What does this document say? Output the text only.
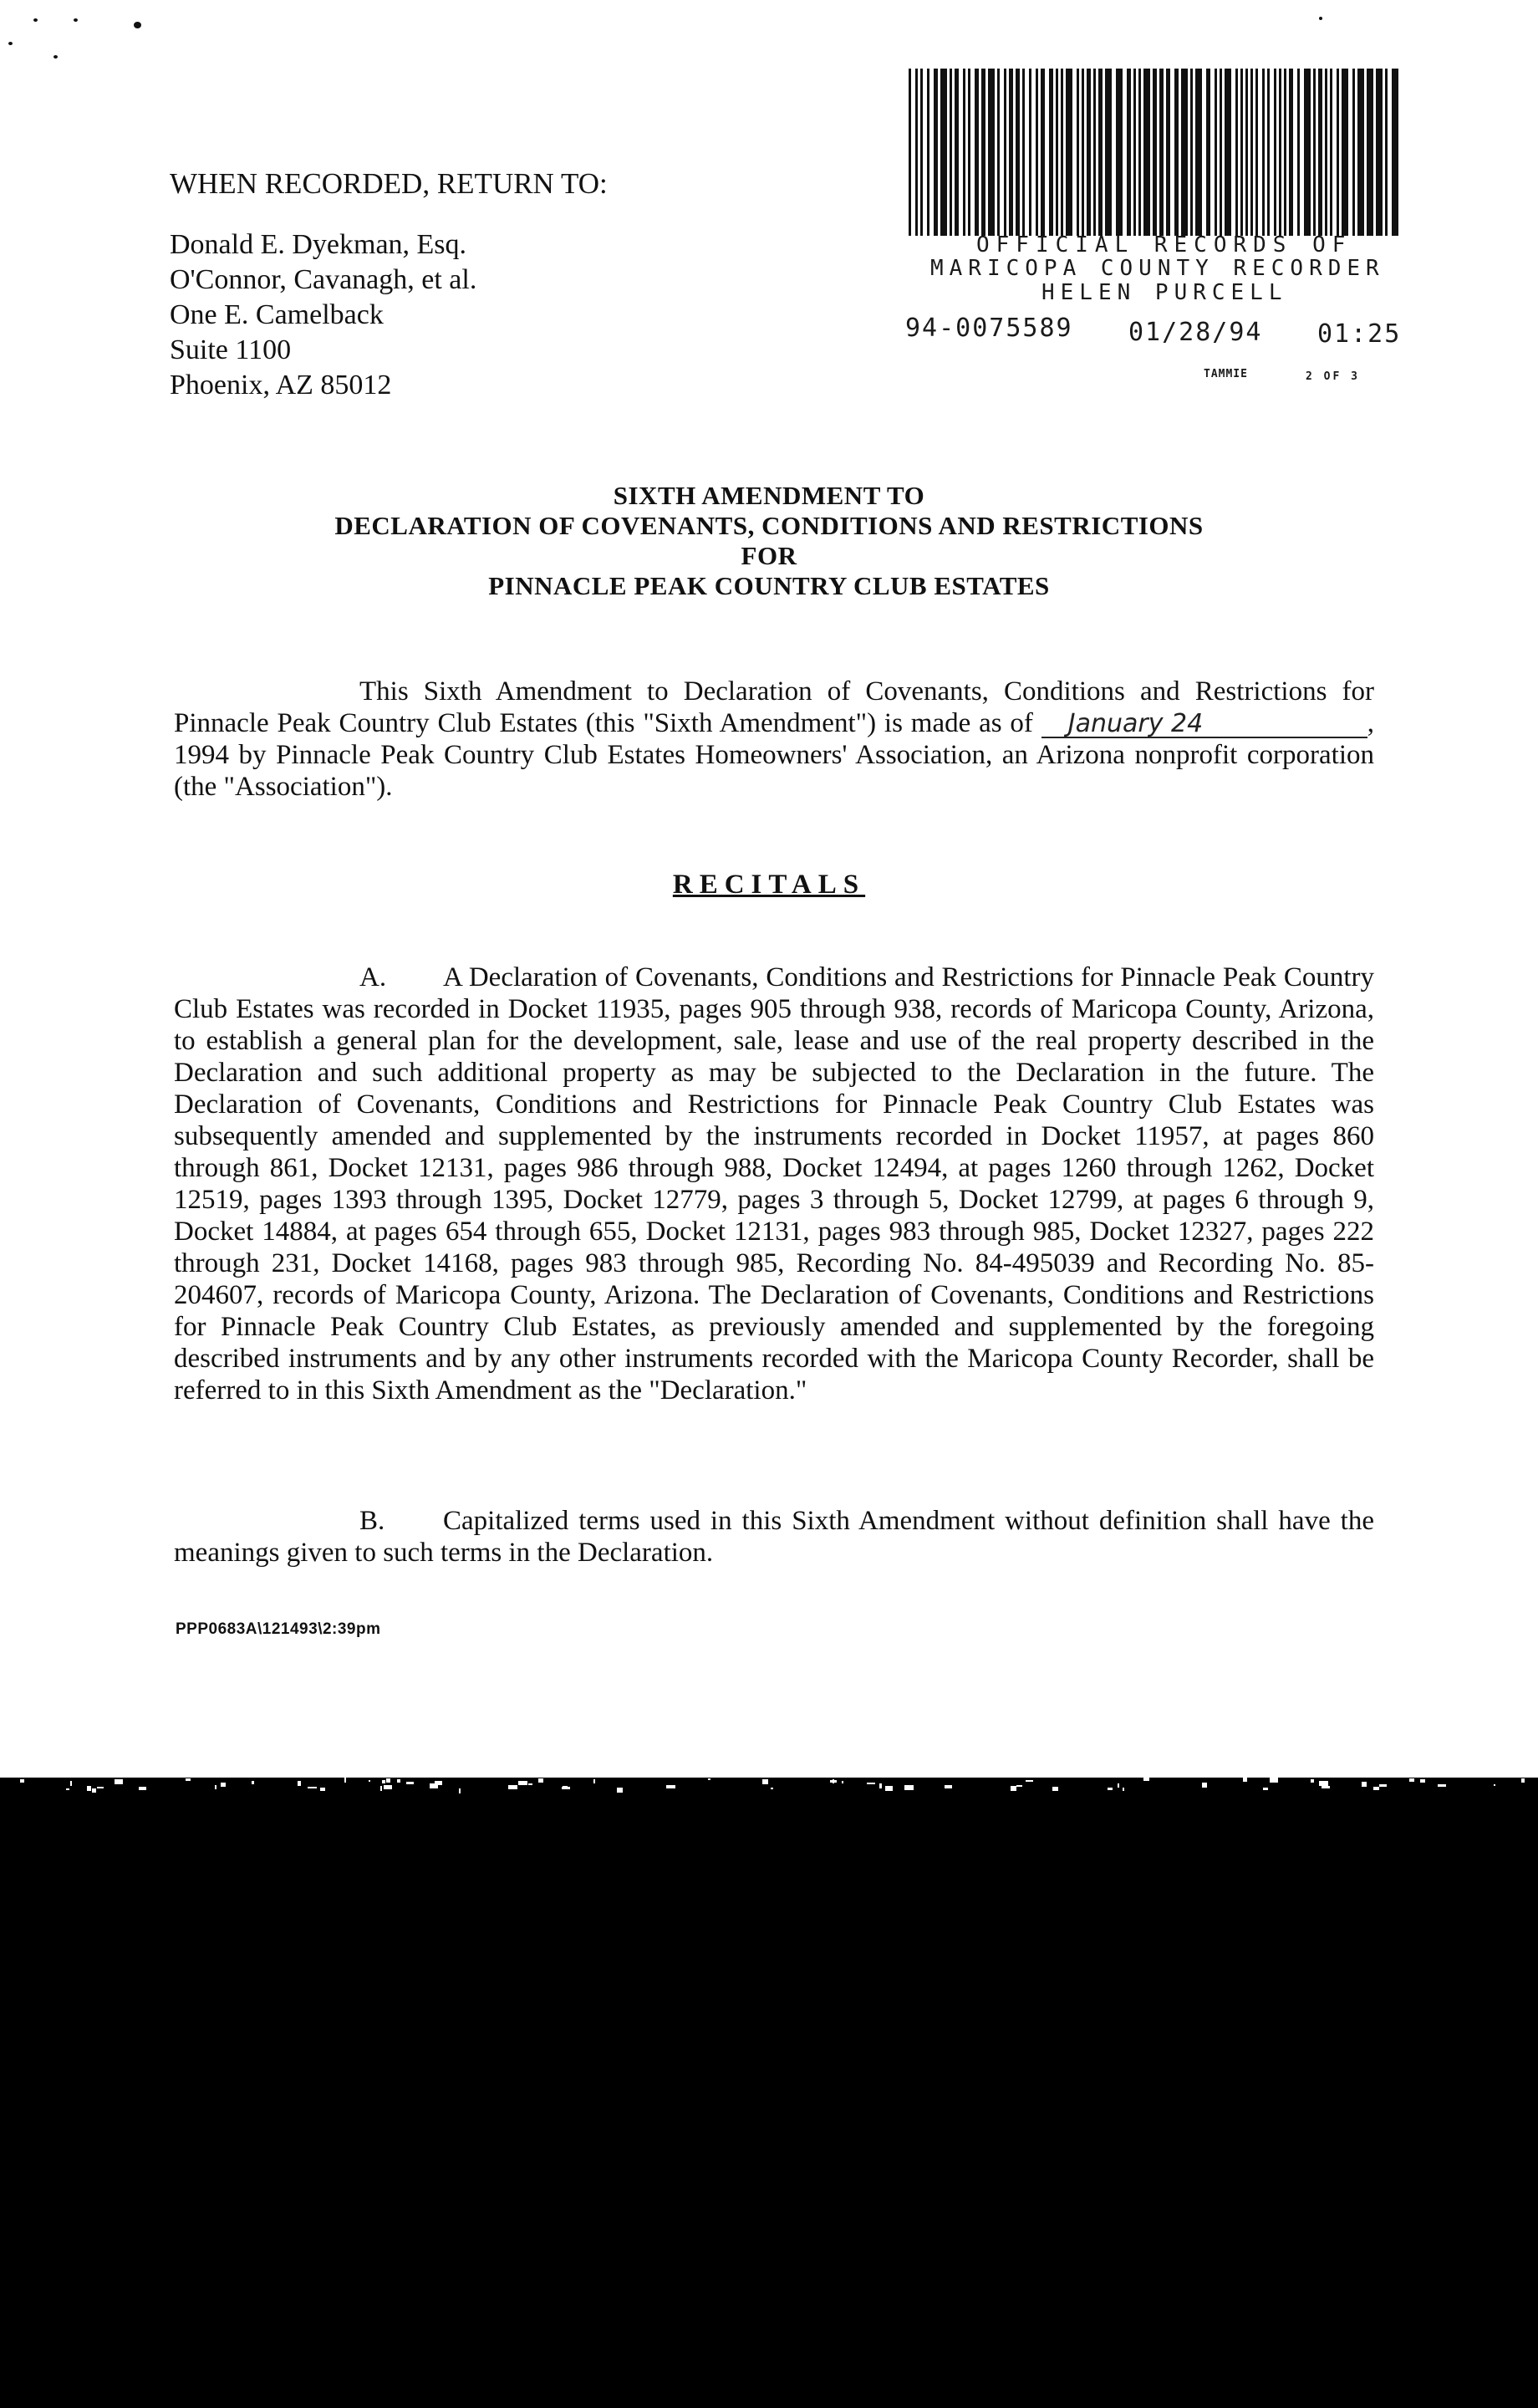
WHEN RECORDED, RETURN TO:
Donald E. Dyekman, Esq.
O'Connor, Cavanagh, et al.
One E. Camelback
Suite 1100
Phoenix, AZ 85012
OFFICIAL RECORDS OF
MARICOPA COUNTY RECORDER
HELEN PURCELL
94-0075589 01/28/94 01:25
TAMMIE	2 OF 3
SIXTH AMENDMENT TO
DECLARATION OF COVENANTS, CONDITIONS AND RESTRICTIONS
FOR
PINNACLE PEAK COUNTRY CLUB ESTATES
This Sixth Amendment to Declaration of Covenants, Conditions and Restrictions for Pinnacle Peak Country Club Estates (this "Sixth Amendment") is made as of January 24	, 1994 by Pinnacle Peak Country Club Estates Homeowners' Association, an Arizona nonprofit corporation (the "Association").
RECITALS
A. A Declaration of Covenants, Conditions and Restrictions for Pinnacle Peak Country Club Estates was recorded in Docket 11935, pages 905 through 938, records of Maricopa County, Arizona, to establish a general plan for the development, sale, lease and use of the real property described in the Declaration and such additional property as may be subjected to the Declaration in the future. The Declaration of Covenants, Conditions and Restrictions for Pinnacle Peak Country Club Estates was subsequently amended and supplemented by the instruments recorded in Docket 11957, at pages 860 through 861, Docket 12131, pages 986 through 988, Docket 12494, at pages 1260 through 1262, Docket 12519, pages 1393 through 1395, Docket 12779, pages 3 through 5, Docket 12799, at pages 6 through 9, Docket 14884, at pages 654 through 655, Docket 12131, pages 983 through 985, Docket 12327, pages 222 through 231, Docket 14168, pages 983 through 985, Recording No. 84-495039 and Recording No. 85-204607, records of Maricopa County, Arizona. The Declaration of Covenants, Conditions and Restrictions for Pinnacle Peak Country Club Estates, as previously amended and supplemented by the foregoing described instruments and by any other instruments recorded with the Maricopa County Recorder, shall be referred to in this Sixth Amendment as the "Declaration."
B. Capitalized terms used in this Sixth Amendment without definition shall have the meanings given to such terms in the Declaration.
PPP0683A\121493\2:39pm
